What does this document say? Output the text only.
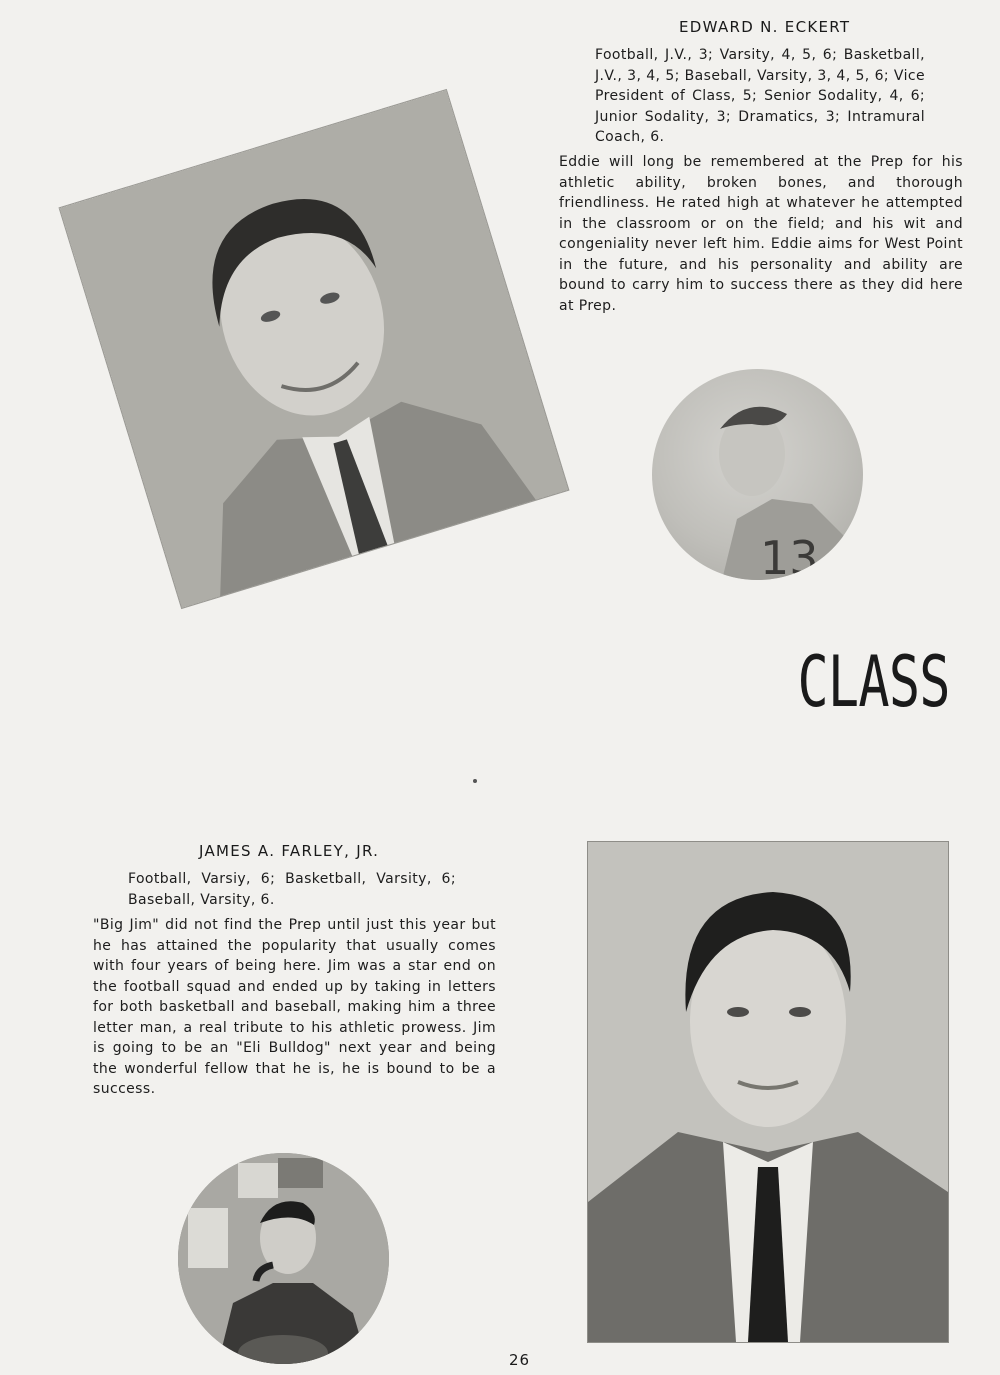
13
EDWARD N. ECKERT

Football, J.V., 3; Varsity, 4, 5, 6; Basketball, J.V., 3, 4, 5; Baseball, Varsity, 3, 4, 5, 6; Vice President of Class, 5; Senior Sodality, 4, 6; Junior Sodality, 3; Dramatics, 3; Intramural Coach, 6.

Eddie will long be remembered at the Prep for his athletic ability, broken bones, and thorough friendliness. He rated high at whatever he attempted in the classroom or on the field; and his wit and congeniality never left him. Eddie aims for West Point in the future, and his personality and ability are bound to carry him to success there as they did here at Prep.

CLASS
JAMES A. FARLEY, JR.

Football, Varsiy, 6; Basketball, Varsity, 6; Baseball, Varsity, 6.

"Big Jim" did not find the Prep until just this year but he has attained the popularity that usually comes with four years of being here. Jim was a star end on the football squad and ended up by taking in letters for both basketball and baseball, making him a three letter man, a real tribute to his athletic prowess. Jim is going to be an "Eli Bulldog" next year and being the wonderful fellow that he is, he is bound to be a success.

26
